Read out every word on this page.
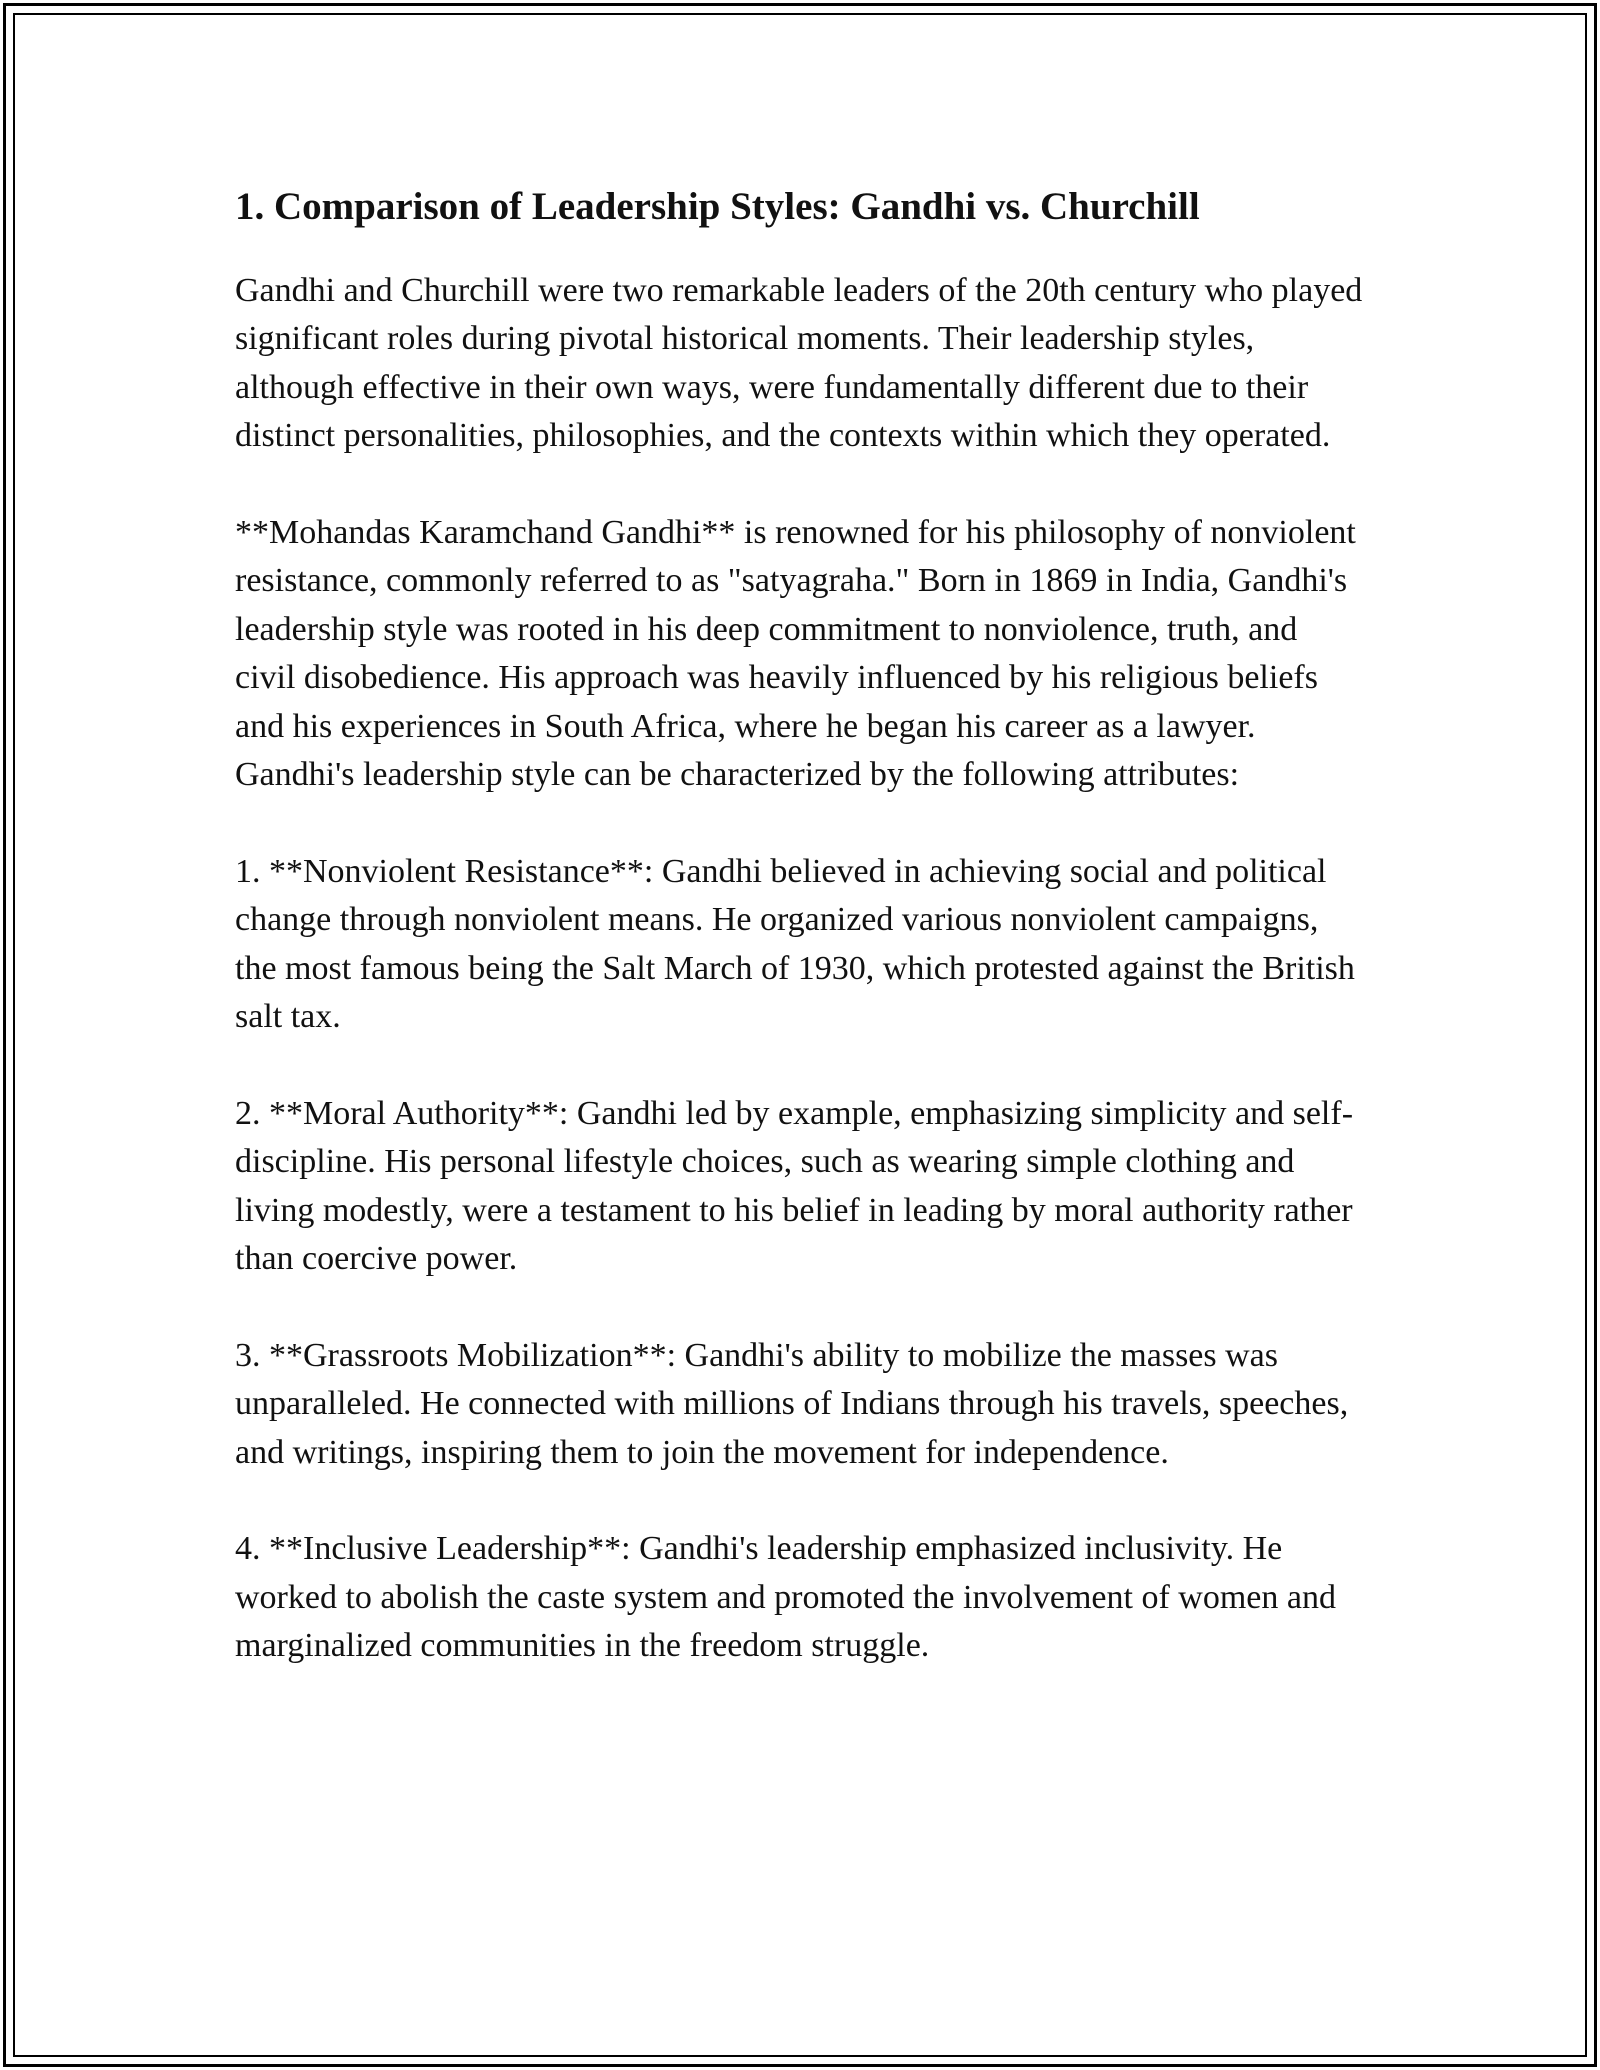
1. Comparison of Leadership Styles: Gandhi vs. Churchill

Gandhi and Churchill were two remarkable leaders of the 20th century who played significant roles during pivotal historical moments. Their leadership styles, although effective in their own ways, were fundamentally different due to their distinct personalities, philosophies, and the contexts within which they operated.

**Mohandas Karamchand Gandhi** is renowned for his philosophy of nonviolent resistance, commonly referred to as "satyagraha." Born in 1869 in India, Gandhi's leadership style was rooted in his deep commitment to nonviolence, truth, and civil disobedience. His approach was heavily influenced by his religious beliefs and his experiences in South Africa, where he began his career as a lawyer. Gandhi's leadership style can be characterized by the following attributes:

1. **Nonviolent Resistance**: Gandhi believed in achieving social and political change through nonviolent means. He organized various nonviolent campaigns, the most famous being the Salt March of 1930, which protested against the British salt tax.

2. **Moral Authority**: Gandhi led by example, emphasizing simplicity and self-discipline. His personal lifestyle choices, such as wearing simple clothing and living modestly, were a testament to his belief in leading by moral authority rather than coercive power.

3. **Grassroots Mobilization**: Gandhi's ability to mobilize the masses was unparalleled. He connected with millions of Indians through his travels, speeches, and writings, inspiring them to join the movement for independence.

4. **Inclusive Leadership**: Gandhi's leadership emphasized inclusivity. He worked to abolish the caste system and promoted the involvement of women and marginalized communities in the freedom struggle.
